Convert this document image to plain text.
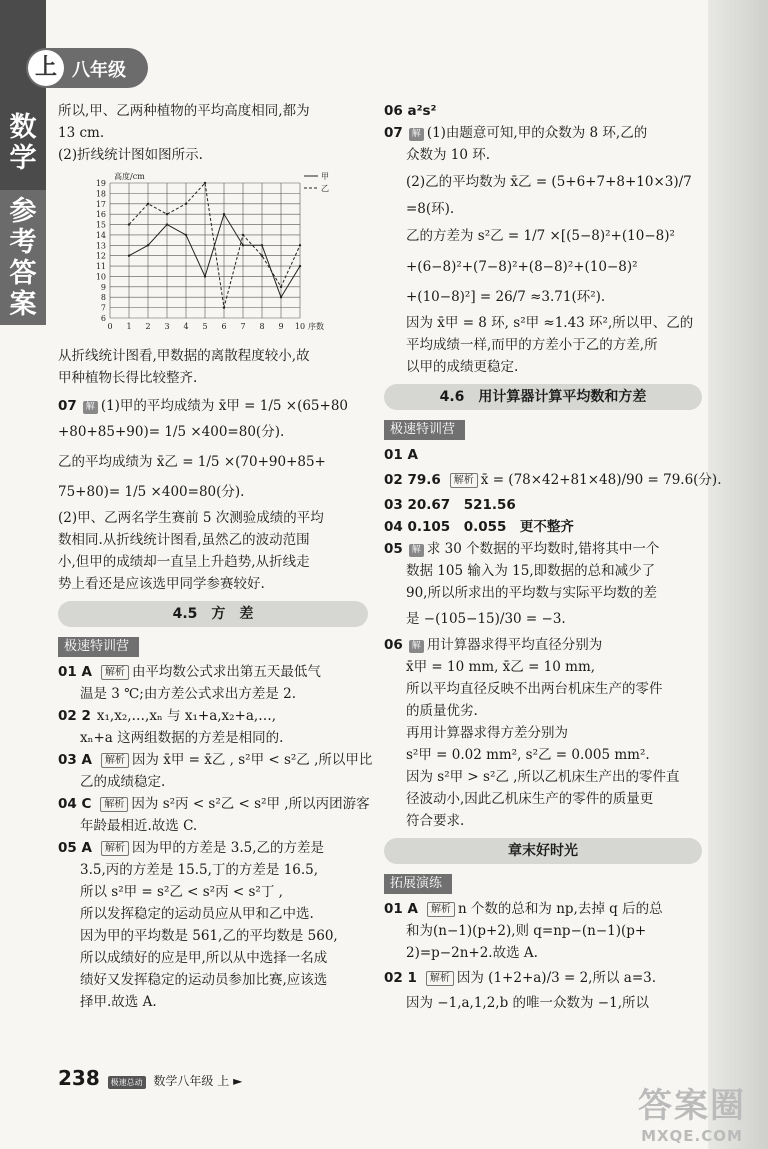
数
学
参
考
答
案
上 八年级
所以,甲、乙两种植物的平均高度相同,都为
13 cm.
(2)折线统计图如图所示.
6
7
8
9
10
11
12
13
14
15
16
17
18
19
0 1 2 3 4 5 6 7 8 9 10
高度/cm
序数
甲
乙
从折线统计图看,甲数据的离散程度较小,故
甲种植物长得比较整齐.
07 解 (1)甲的平均成绩为 x̄甲 = 1/5 ×(65+80
+80+85+90)= 1/5 ×400=80(分).
乙的平均成绩为 x̄乙 = 1/5 ×(70+90+85+
75+80)= 1/5 ×400=80(分).
(2)甲、乙两名学生赛前 5 次测验成绩的平均
数相同.从折线统计图看,虽然乙的波动范围
小,但甲的成绩却一直呈上升趋势,从折线走
势上看还是应该选甲同学参赛较好.
4.5　方　差
极速特训营
01 A 解析 由平均数公式求出第五天最低气
温是 3 ℃;由方差公式求出方差是 2.
02 2 x₁,x₂,…,xₙ 与 x₁+a,x₂+a,…,
xₙ+a 这两组数据的方差是相同的.
03 A 解析 因为 x̄甲 = x̄乙 , s²甲 < s²乙 ,所以甲比
乙的成绩稳定.
04 C 解析 因为 s²丙 < s²乙 < s²甲 ,所以丙团游客
年龄最相近.故选 C.
05 A 解析 因为甲的方差是 3.5,乙的方差是
3.5,丙的方差是 15.5,丁的方差是 16.5,
所以 s²甲 = s²乙 < s²丙 < s²丁 ,
所以发挥稳定的运动员应从甲和乙中选.
因为甲的平均数是 561,乙的平均数是 560,
所以成绩好的应是甲,所以从中选择一名成
绩好又发挥稳定的运动员参加比赛,应该选
择甲.故选 A.
06 a²s²
07 解 (1)由题意可知,甲的众数为 8 环,乙的
众数为 10 环.
(2)乙的平均数为 x̄乙 = (5+6+7+8+10×3)/7
=8(环).
乙的方差为 s²乙 = 1/7 ×[(5−8)²+(10−8)²
+(6−8)²+(7−8)²+(8−8)²+(10−8)²
+(10−8)²] = 26/7 ≈3.71(环²).
因为 x̄甲 = 8 环, s²甲 ≈1.43 环²,所以甲、乙的
平均成绩一样,而甲的方差小于乙的方差,所
以甲的成绩更稳定.
4.6　用计算器计算平均数和方差
极速特训营
01 A
02 79.6 解析 x̄ = (78×42+81×48)/90 = 79.6(分).
03 20.67　521.56
04 0.105　0.055　更不整齐
05 解 求 30 个数据的平均数时,错将其中一个
数据 105 输入为 15,即数据的总和减少了
90,所以所求出的平均数与实际平均数的差
是 −(105−15)/30 = −3.
06 解 用计算器求得平均直径分别为
x̄甲 = 10 mm, x̄乙 = 10 mm,
所以平均直径反映不出两台机床生产的零件
的质量优劣.
再用计算器求得方差分别为
s²甲 = 0.02 mm², s²乙 = 0.005 mm².
因为 s²甲 > s²乙 ,所以乙机床生产出的零件直
径波动小,因此乙机床生产的零件的质量更
符合要求.
章末好时光
拓展演练
01 A 解析 n 个数的总和为 np,去掉 q 后的总
和为(n−1)(p+2),则 q=np−(n−1)(p+
2)=p−2n+2.故选 A.
02 1 解析 因为 (1+2+a)/3 = 2,所以 a=3.
因为 −1,a,1,2,b 的唯一众数为 −1,所以
238 极速总动 数学八年级 上 ►
答案圈
MXQE.COM
